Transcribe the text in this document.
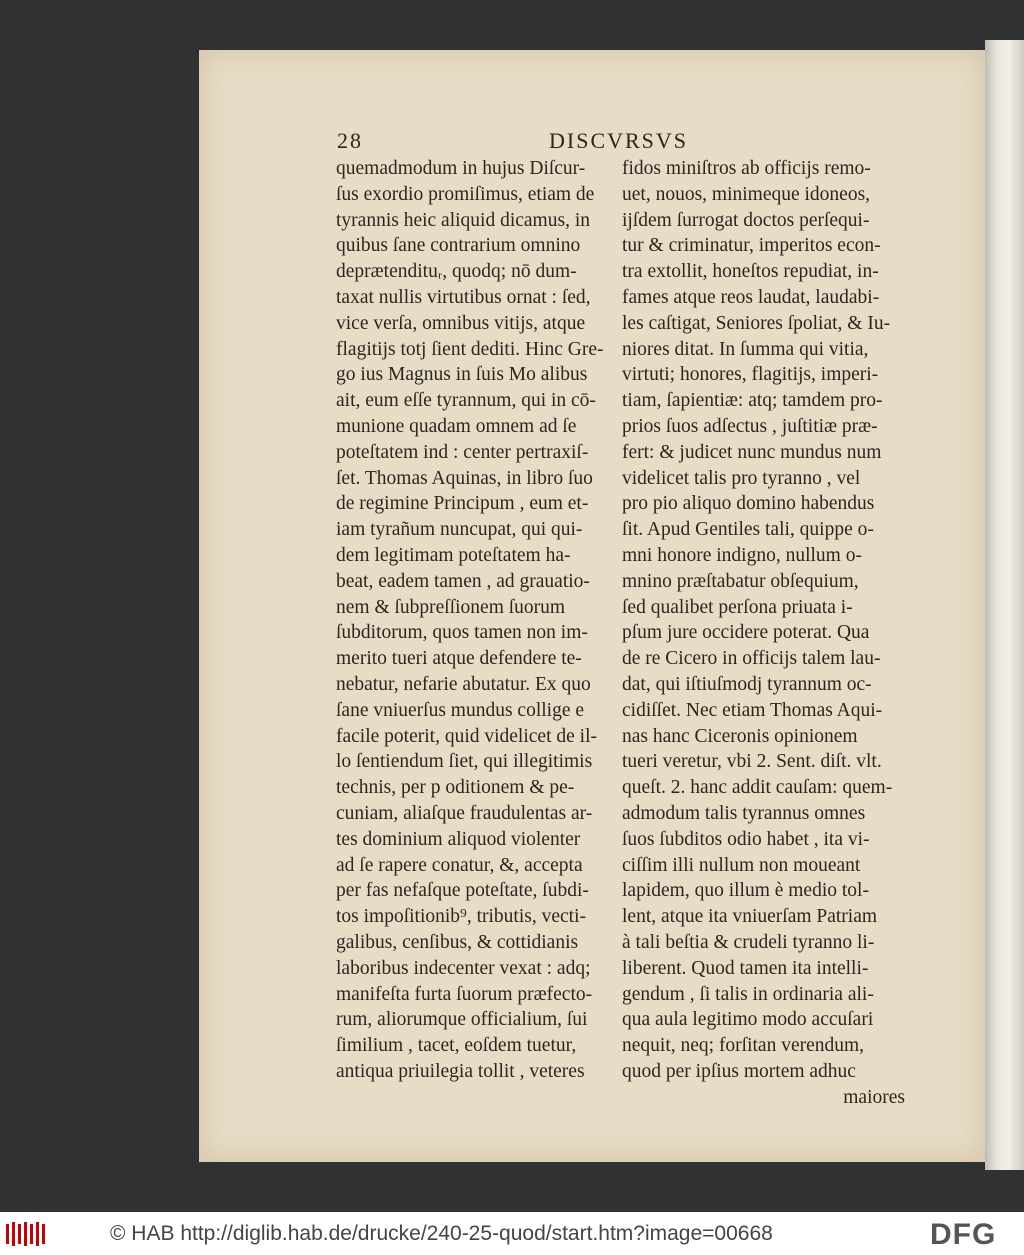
28	DISCVRSVS
quemadmodum in hujus Diſcur-
ſus exordio promiſimus, etiam de
tyrannis heic aliquid dicamus, in
quibus ſane contrarium omnino
deprætendituᵣ, quodq; nō dum-
taxat nullis virtutibus ornat : ſed,
vice verſa, omnibus vitijs, atque
flagitijs totj ſient dediti. Hinc Gre-
go ius Magnus in ſuis Mo alibus
ait, eum eſſe tyrannum, qui in cō-
munione quadam omnem ad ſe
poteſtatem ind : center pertraxiſ-
ſet. Thomas Aquinas, in libro ſuo
de regimine Principum , eum et-
iam tyrañum nuncupat, qui qui-
dem legitimam poteſtatem ha-
beat, eadem tamen , ad grauatio-
nem & ſubpreſſionem ſuorum
ſubditorum, quos tamen non im-
merito tueri atque defendere te-
nebatur, nefarie abutatur. Ex quo
ſane vniuerſus mundus collige e
facile poterit, quid videlicet de il-
lo ſentiendum ſiet, qui illegitimis
technis, per p oditionem & pe-
cuniam, aliaſque fraudulentas ar-
tes dominium aliquod violenter
ad ſe rapere conatur, &, accepta
per fas nefaſque poteſtate, ſubdi-
tos impoſitionib⁹, tributis, vecti-
galibus, cenſibus, & cottidianis
laboribus indecenter vexat : adq;
manifeſta furta ſuorum præfecto-
rum, aliorumque officialium, ſui
ſimilium , tacet, eoſdem tuetur,
antiqua priuilegia tollit , veteres
fidos miniſtros ab officijs remo-
uet, nouos, minimeque idoneos,
ijſdem ſurrogat doctos perſequi-
tur & criminatur, imperitos econ-
tra extollit, honeſtos repudiat, in-
fames atque reos laudat, laudabi-
les caſtigat, Seniores ſpoliat, & Iu-
niores ditat. In ſumma qui vitia,
virtuti; honores, flagitijs, imperi-
tiam, ſapientiæ: atq; tamdem pro-
prios ſuos adſectus , juſtitiæ præ-
fert: & judicet nunc mundus num
videlicet talis pro tyranno , vel
pro pio aliquo domino habendus
ſit. Apud Gentiles tali, quippe o-
mni honore indigno, nullum o-
mnino præſtabatur obſequium,
ſed qualibet perſona priuata i-
pſum jure occidere poterat. Qua
de re Cicero in officijs talem lau-
dat, qui iſtiuſmodj tyrannum oc-
cidiſſet. Nec etiam Thomas Aqui-
nas hanc Ciceronis opinionem
tueri veretur, vbi 2. Sent. diſt. vlt.
queſt. 2. hanc addit cauſam: quem-
admodum talis tyrannus omnes
ſuos ſubditos odio habet , ita vi-
ciſſim illi nullum non moueant
lapidem, quo illum è medio tol-
lent, atque ita vniuerſam Patriam
à tali beſtia & crudeli tyranno li-
liberent. Quod tamen ita intelli-
gendum , ſi talis in ordinaria ali-
qua aula legitimo modo accuſari
nequit, neq; forſitan verendum,
quod per ipſius mortem adhuc
maiores
© HAB http://diglib.hab.de/drucke/240-25-quod/start.htm?image=00668	DFG
